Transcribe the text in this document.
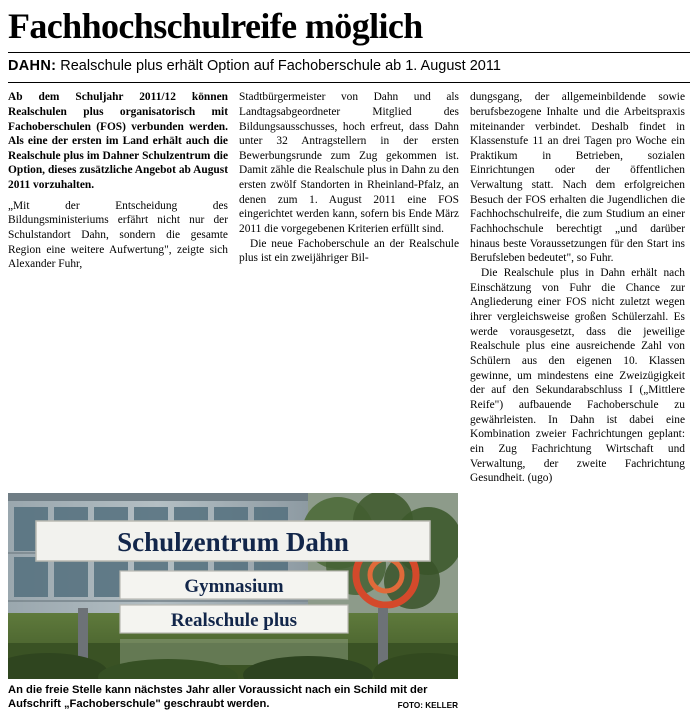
Fachhochschulreife möglich
DAHN: Realschule plus erhält Option auf Fachoberschule ab 1. August 2011

Ab dem Schuljahr 2011/12 können Realschulen plus organisatorisch mit Fachoberschulen (FOS) verbunden werden. Als eine der ersten im Land erhält auch die Realschule plus im Dahner Schulzentrum die Option, dieses zusätzliche Angebot ab August 2011 vorzuhalten.

„Mit der Entscheidung des Bildungsministeriums erfährt nicht nur der Schulstandort Dahn, sondern die gesamte Region eine weitere Aufwertung", zeigte sich Alexander Fuhr,

Stadtbürgermeister von Dahn und als Landtagsabgeordneter Mitglied des Bildungsausschusses, hoch erfreut, dass Dahn unter 32 Antragstellern in der ersten Bewerbungsrunde zum Zug gekommen ist. Damit zähle die Realschule plus in Dahn zu den ersten zwölf Standorten in Rheinland-Pfalz, an denen zum 1. August 2011 eine FOS eingerichtet werden kann, sofern bis Ende März 2011 die vorgegebenen Kriterien erfüllt sind.

Die neue Fachoberschule an der Realschule plus ist ein zweijähriger Bil-

dungsgang, der allgemeinbildende sowie berufsbezogene Inhalte und die Arbeitspraxis miteinander verbindet. Deshalb findet in Klassenstufe 11 an drei Tagen pro Woche ein Praktikum in Betrieben, sozialen Einrichtungen oder der öffentlichen Verwaltung statt. Nach dem erfolgreichen Besuch der FOS erhalten die Jugendlichen die Fachhochschulreife, die zum Studium an einer Fachhochschule berechtigt „und darüber hinaus beste Voraussetzungen für den Start ins Berufsleben bedeutet", so Fuhr.

Die Realschule plus in Dahn erhält nach Einschätzung von Fuhr die Chance zur Angliederung einer FOS nicht zuletzt wegen ihrer vergleichsweise großen Schülerzahl. Es werde vorausgesetzt, dass die jeweilige Realschule plus eine ausreichende Zahl von Schülern aus den eigenen 10. Klassen gewinne, um mindestens eine Zweizügigkeit der auf den Sekundarabschluss I („Mittlere Reife") aufbauende Fachoberschule zu gewährleisten. In Dahn ist dabei eine Kombination zweier Fachrichtungen geplant: ein Zug Fachrichtung Wirtschaft und Verwaltung, der zweite Fachrichtung Gesundheit. (ugo)

Schulzentrum Dahn
Gymnasium
Realschule plus
An die freie Stelle kann nächstes Jahr aller Voraussicht nach ein Schild mit der Aufschrift „Fachoberschule" geschraubt werden.	FOTO: KELLER
